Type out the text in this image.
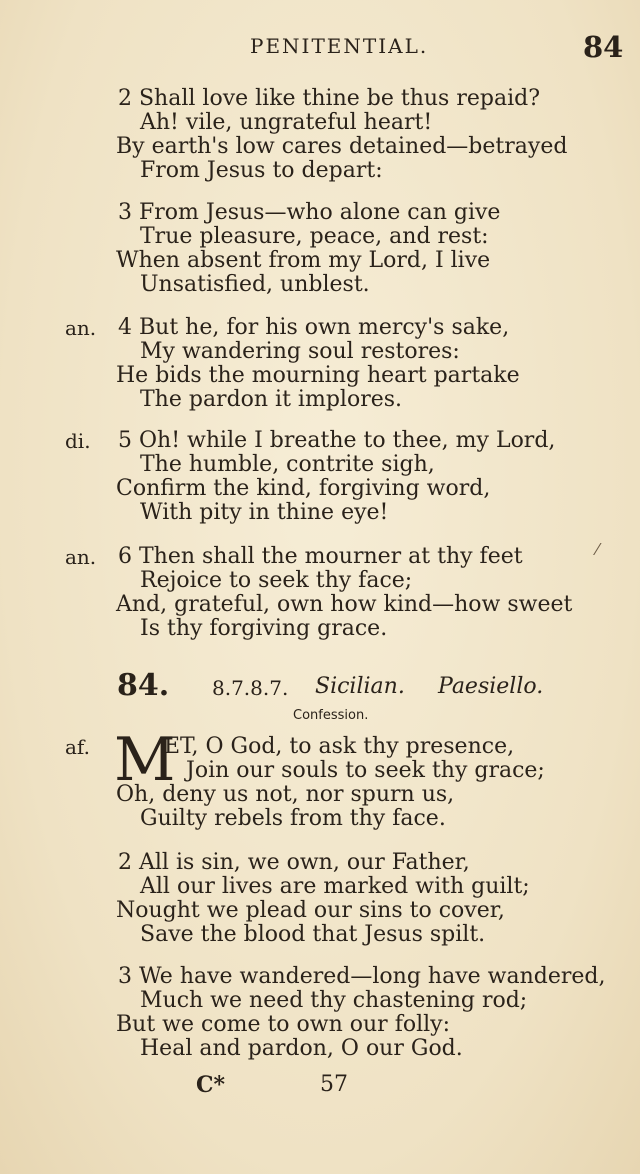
PENITENTIAL.	84
2 Shall love like thine be thus repaid?
Ah! vile, ungrateful heart!
By earth's low cares detained—betrayed
From Jesus to depart:
3 From Jesus—who alone can give
True pleasure, peace, and rest:
When absent from my Lord, I live
Unsatisfied, unblest.
an. 4 But he, for his own mercy's sake,
My wandering soul restores:
He bids the mourning heart partake
The pardon it implores.
di. 5 Oh! while I breathe to thee, my Lord,
The humble, contrite sigh,
Confirm the kind, forgiving word,
With pity in thine eye!
an. 6 Then shall the mourner at thy feet
Rejoice to seek thy face;
And, grateful, own how kind—how sweet
Is thy forgiving grace.
⁄
84. 8.7.8.7. Sicilian. Paesiello.
Confession.
M
af.	ET, O God, to ask thy presence,
Join our souls to seek thy grace;
Oh, deny us not, nor spurn us,
Guilty rebels from thy face.
2 All is sin, we own, our Father,
All our lives are marked with guilt;
Nought we plead our sins to cover,
Save the blood that Jesus spilt.
3 We have wandered—long have wandered,
Much we need thy chastening rod;
But we come to own our folly:
Heal and pardon, O our God.
C*	57
